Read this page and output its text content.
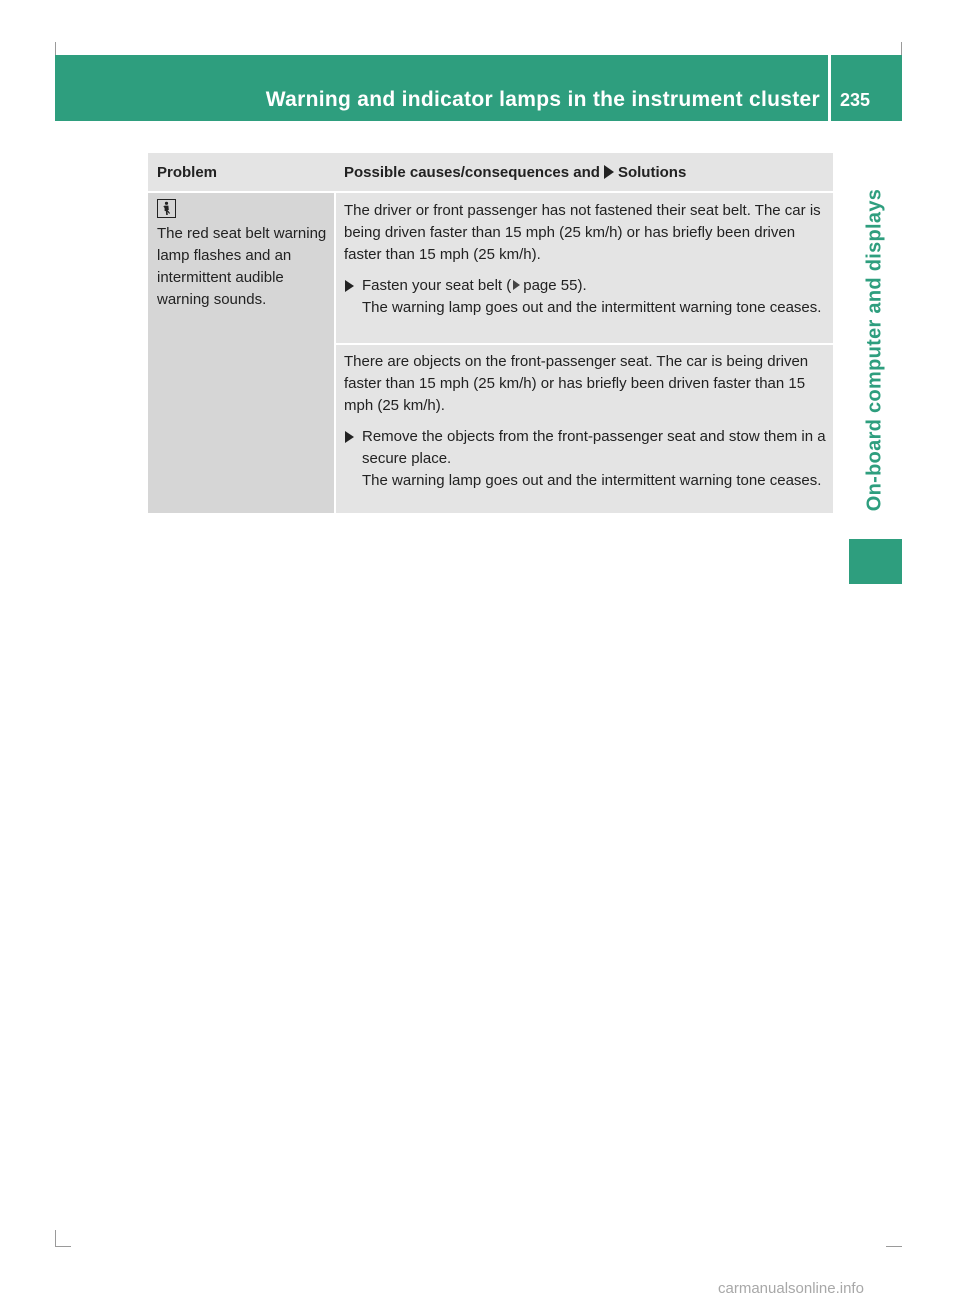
Warning and indicator lamps in the instrument cluster 235
On-board computer and displays
Problem	Possible causes/consequences and Solutions
The red seat belt warning lamp flashes and an intermittent audible warning sounds.

The driver or front passenger has not fastened their seat belt. The car is being driven faster than 15 mph (25 km/h) or has briefly been driven faster than 15 mph (25 km/h).

Fasten your seat belt ( page 55).

The warning lamp goes out and the intermittent warning tone ceases.

There are objects on the front-passenger seat. The car is being driven faster than 15 mph (25 km/h) or has briefly been driven faster than 15 mph (25 km/h).

Remove the objects from the front-passenger seat and stow them in a secure place.

The warning lamp goes out and the intermittent warning tone ceases.

carmanualsonline.info
